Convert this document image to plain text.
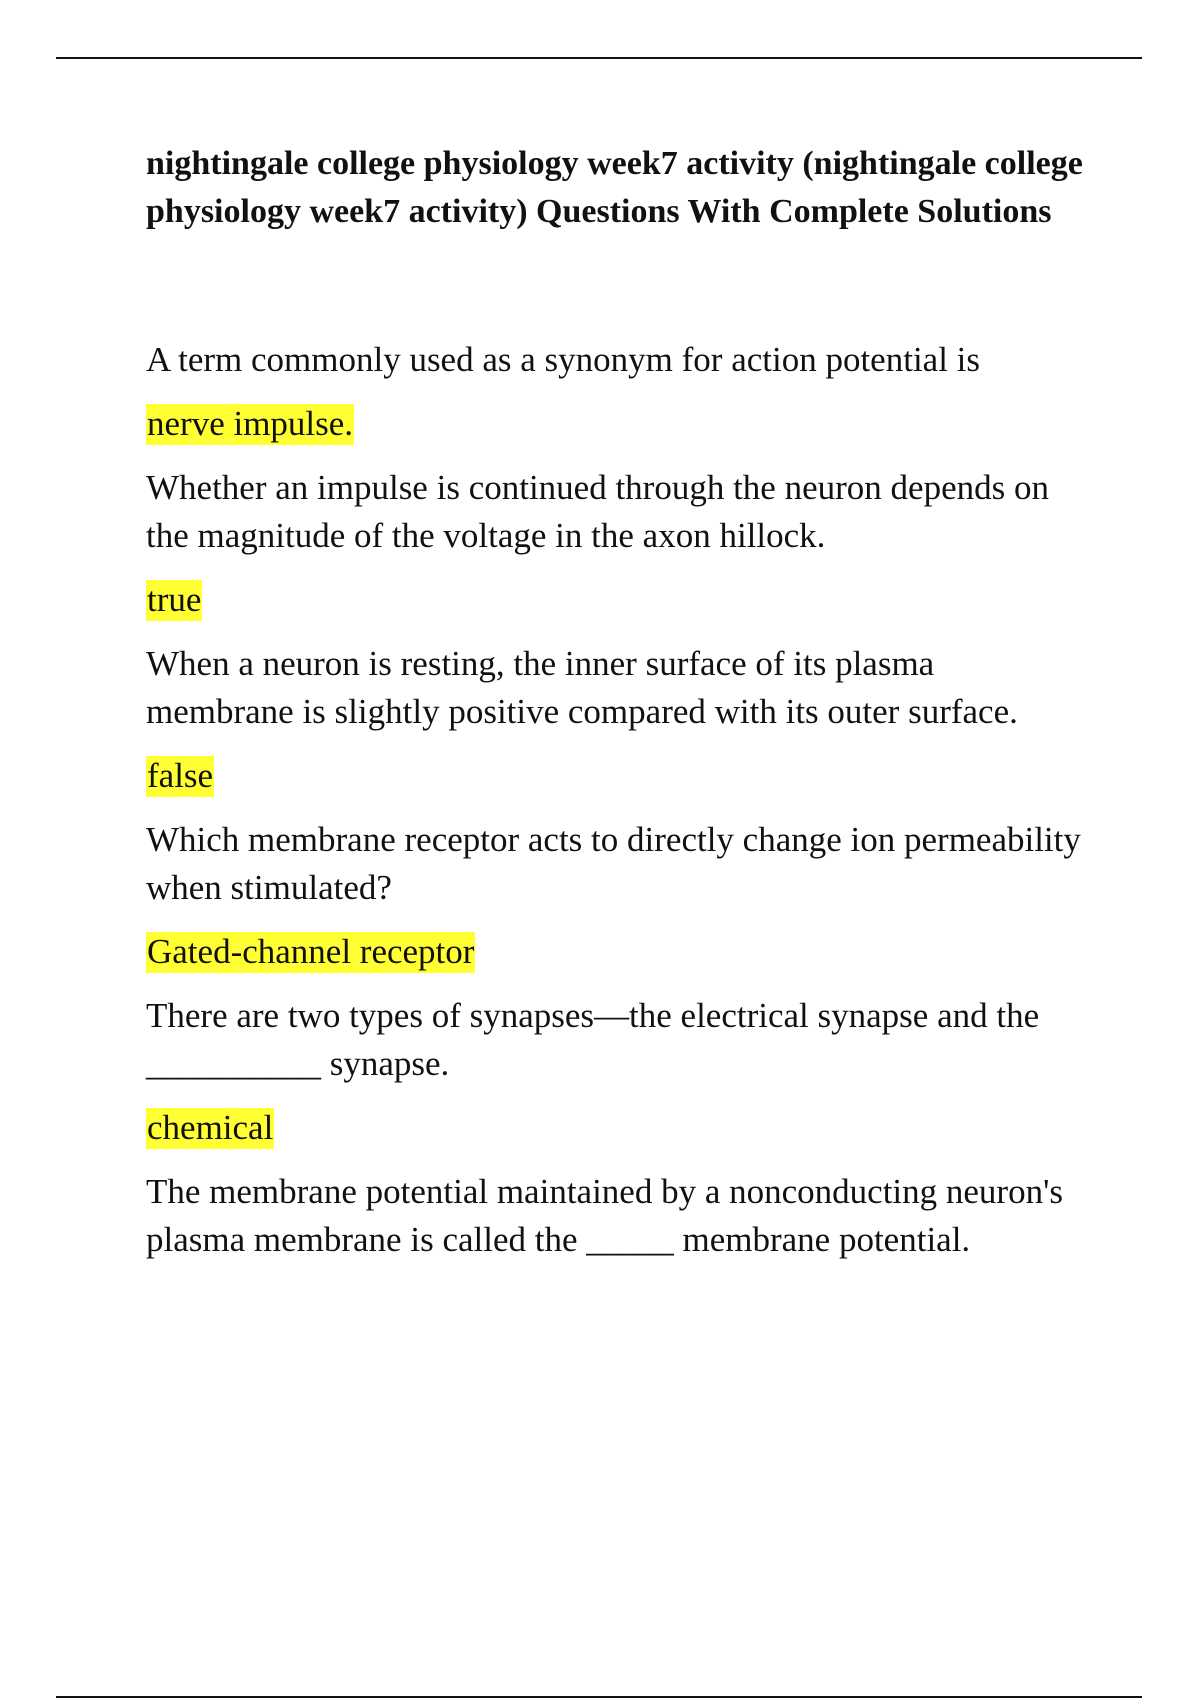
nightingale college physiology week7 activity (nightingale college physiology week7 activity) Questions With Complete Solutions

A term commonly used as a synonym for action potential is

nerve impulse.

Whether an impulse is continued through the neuron depends on the magnitude of the voltage in the axon hillock.

true

When a neuron is resting, the inner surface of its plasma membrane is slightly positive compared with its outer surface.

false

Which membrane receptor acts to directly change ion permeability when stimulated?

Gated-channel receptor

There are two types of synapses—the electrical synapse and the __________ synapse.

chemical

The membrane potential maintained by a nonconducting neuron's plasma membrane is called the _____ membrane potential.
